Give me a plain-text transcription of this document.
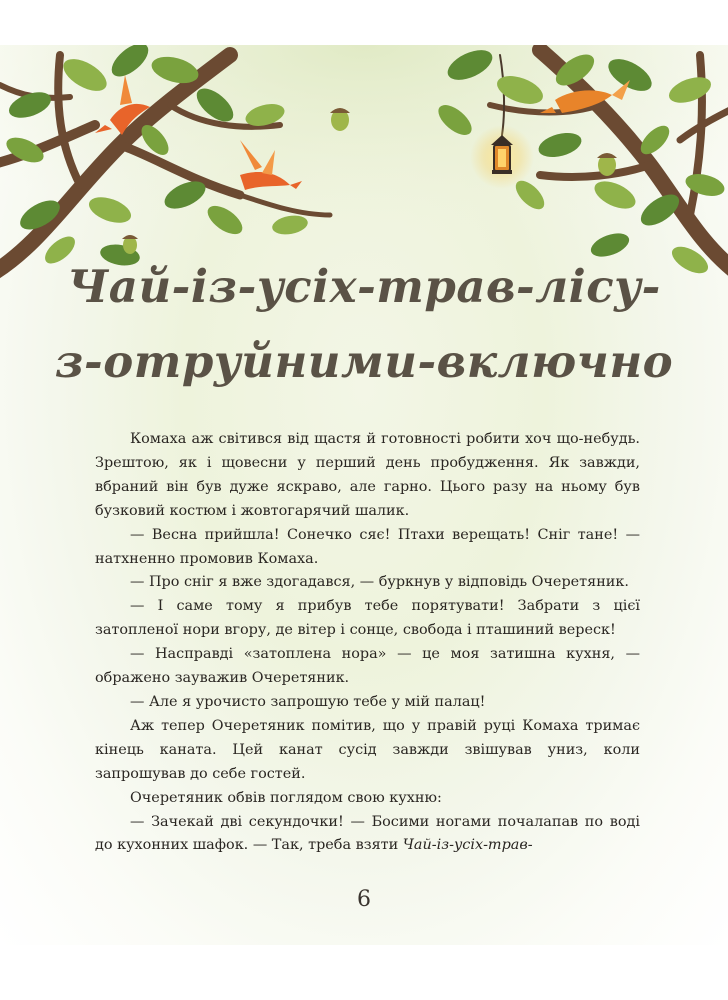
Чай-із-усіх-трав-лісу-
з-отруйними-включно

Комаха аж світився від щастя й готовності робити хоч що-небудь. Зрештою, як і щовесни у перший день пробудження. Як завжди, вбраний він був дуже яскраво, але гарно. Цього разу на ньому був бузковий костюм і жовтогарячий шалик.

— Весна прийшла! Сонечко сяє! Птахи верещать! Сніг тане! — натхненно промовив Комаха.

— Про сніг я вже здогадався, — буркнув у відповідь Очеретяник.

— І саме тому я прибув тебе порятувати! Забрати з цієї затопленої нори вгору, де вітер і сонце, свобода і пташиний вереск!

— Насправді «затоплена нора» — це моя затишна кухня, — ображено зауважив Очеретяник.

— Але я урочисто запрошую тебе у мій палац!

Аж тепер Очеретяник помітив, що у правій руці Комаха тримає кінець каната. Цей канат сусід завжди звішував униз, коли запрошував до себе гостей.

Очеретяник обвів поглядом свою кухню:

— Зачекай дві секундочки! — Босими ногами почалапав по воді до кухонних шафок. — Так, треба взяти Чай-із-усіх-трав-

6
